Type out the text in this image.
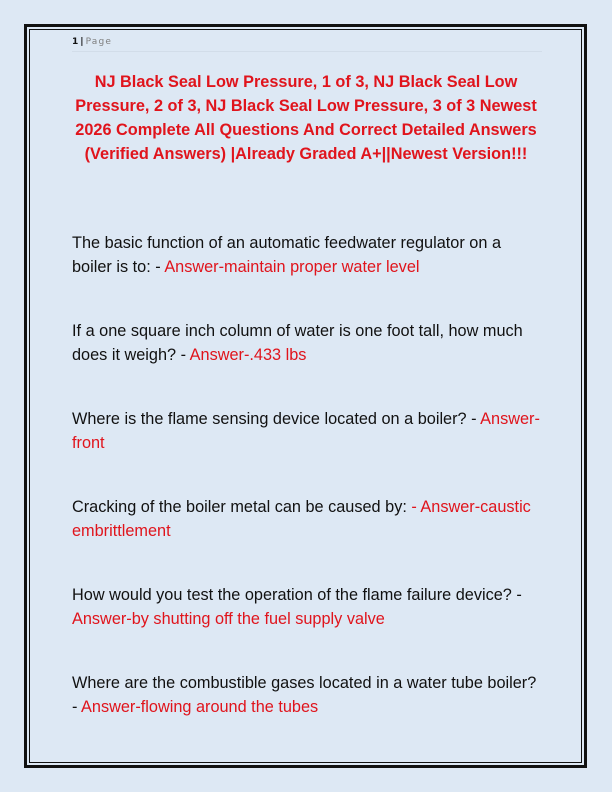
1 | Page
NJ Black Seal Low Pressure, 1 of 3, NJ Black Seal Low Pressure, 2 of 3, NJ Black Seal Low Pressure, 3 of 3 Newest 2026 Complete All Questions And Correct Detailed Answers (Verified Answers) |Already Graded A+||Newest Version!!!
The basic function of an automatic feedwater regulator on a boiler is to: - Answer-maintain proper water level
If a one square inch column of water is one foot tall, how much does it weigh? - Answer-.433 lbs
Where is the flame sensing device located on a boiler? - Answer-front
Cracking of the boiler metal can be caused by: - Answer-caustic embrittlement
How would you test the operation of the flame failure device? - Answer-by shutting off the fuel supply valve
Where are the combustible gases located in a water tube boiler? - Answer-flowing around the tubes
